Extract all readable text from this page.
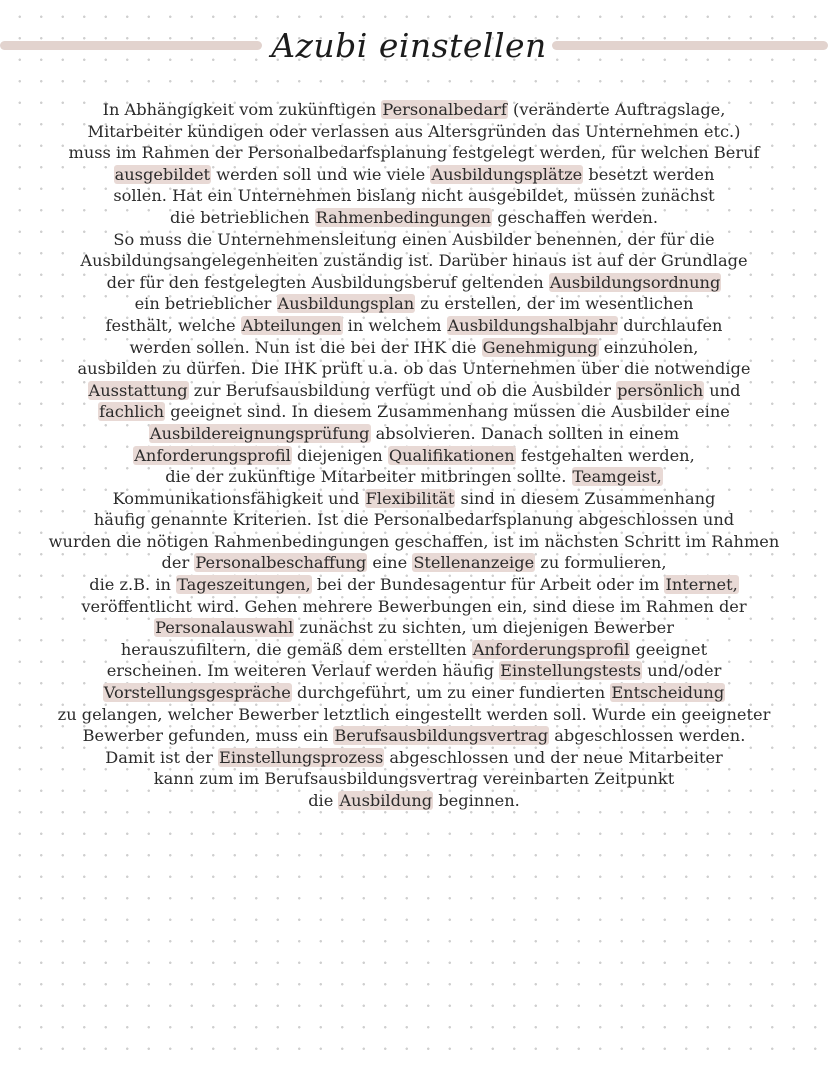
Azubi einstellen
In Abhängigkeit vom zukünftigen Personalbedarf (veränderte Auftragslage,
Mitarbeiter kündigen oder verlassen aus Altersgründen das Unternehmen etc.)
muss im Rahmen der Personalbedarfsplanung festgelegt werden, für welchen Beruf
ausgebildet werden soll und wie viele Ausbildungsplätze besetzt werden
sollen. Hat ein Unternehmen bislang nicht ausgebildet, müssen zunächst
die betrieblichen Rahmenbedingungen geschaffen werden.
So muss die Unternehmensleitung einen Ausbilder benennen, der für die
Ausbildungsangelegenheiten zuständig ist. Darüber hinaus ist auf der Grundlage
der für den festgelegten Ausbildungsberuf geltenden Ausbildungsordnung
ein betrieblicher Ausbildungsplan zu erstellen, der im wesentlichen
festhält, welche Abteilungen in welchem Ausbildungshalbjahr durchlaufen
werden sollen. Nun ist die bei der IHK die Genehmigung einzuholen,
ausbilden zu dürfen. Die IHK prüft u.a. ob das Unternehmen über die notwendige
Ausstattung zur Berufsausbildung verfügt und ob die Ausbilder persönlich und
fachlich geeignet sind. In diesem Zusammenhang müssen die Ausbilder eine
Ausbildereignungsprüfung absolvieren. Danach sollten in einem
Anforderungsprofil diejenigen Qualifikationen festgehalten werden,
die der zukünftige Mitarbeiter mitbringen sollte. Teamgeist,
Kommunikationsfähigkeit und Flexibilität sind in diesem Zusammenhang
häufig genannte Kriterien. Ist die Personalbedarfsplanung abgeschlossen und
wurden die nötigen Rahmenbedingungen geschaffen, ist im nächsten Schritt im Rahmen
der Personalbeschaffung eine Stellenanzeige zu formulieren,
die z.B. in Tageszeitungen, bei der Bundesagentur für Arbeit oder im Internet,
veröffentlicht wird. Gehen mehrere Bewerbungen ein, sind diese im Rahmen der
Personalauswahl zunächst zu sichten, um diejenigen Bewerber
herauszufiltern, die gemäß dem erstellten Anforderungsprofil geeignet
erscheinen. Im weiteren Verlauf werden häufig Einstellungstests und/oder
Vorstellungsgespräche durchgeführt, um zu einer fundierten Entscheidung
zu gelangen, welcher Bewerber letztlich eingestellt werden soll. Wurde ein geeigneter
Bewerber gefunden, muss ein Berufsausbildungsvertrag abgeschlossen werden.
Damit ist der Einstellungsprozess abgeschlossen und der neue Mitarbeiter
kann zum im Berufsausbildungsvertrag vereinbarten Zeitpunkt
die Ausbildung beginnen.
